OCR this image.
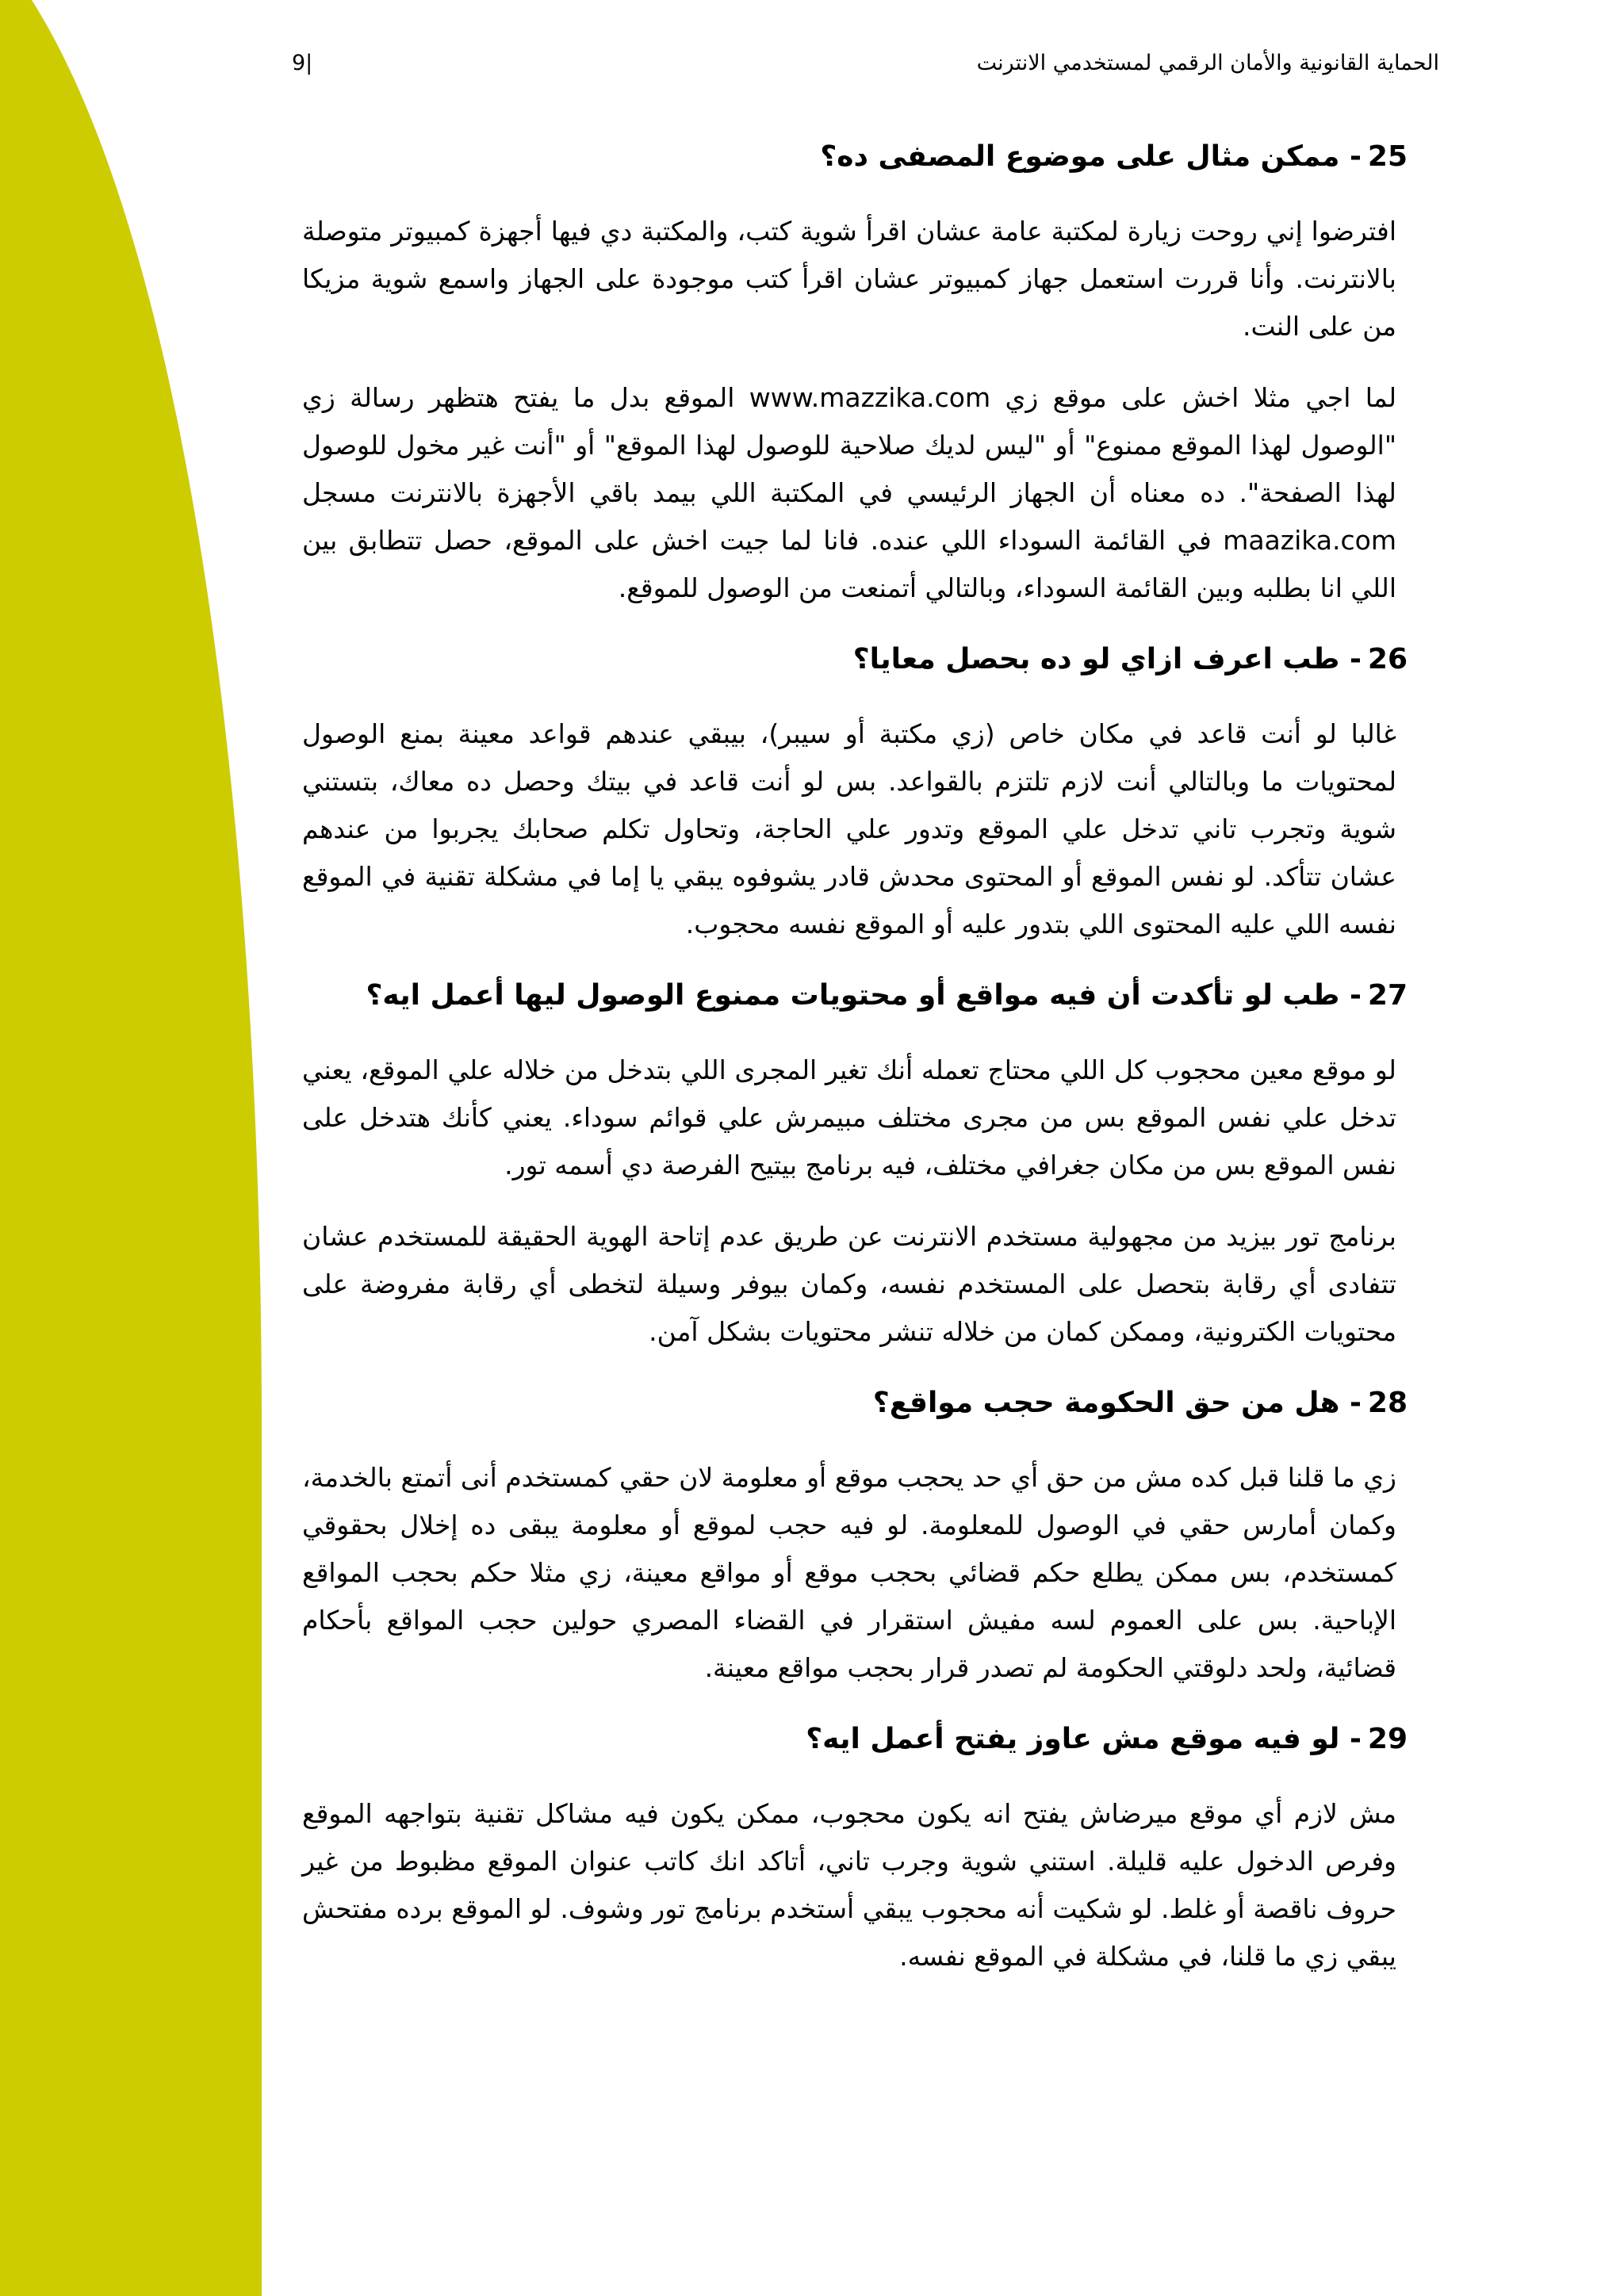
الحماية القانونية والأمان الرقمي لمستخدمي الانترنت
9|
25- ممكن مثال على موضوع المصفى ده؟

افترضوا إني روحت زيارة لمكتبة عامة عشان اقرأ شوية كتب، والمكتبة دي فيها أجهزة كمبيوتر متوصلة بالانترنت. وأنا قررت استعمل جهاز كمبيوتر عشان اقرأ كتب موجودة على الجهاز واسمع شوية مزيكا من على النت.

لما اجي مثلا اخش على موقع زي www.mazzika.com الموقع بدل ما يفتح هتظهر رسالة زي "الوصول لهذا الموقع ممنوع" أو "ليس لديك صلاحية للوصول لهذا الموقع" أو "أنت غير مخول للوصول لهذا الصفحة". ده معناه أن الجهاز الرئيسي في المكتبة اللي بيمد باقي الأجهزة بالانترنت مسجل maazika.com في القائمة السوداء اللي عنده. فانا لما جيت اخش على الموقع، حصل تتطابق بين اللي انا بطلبه وبين القائمة السوداء، وبالتالي أتمنعت من الوصول للموقع.

26- طب اعرف ازاي لو ده بحصل معايا؟

غالبا لو أنت قاعد في مكان خاص (زي مكتبة أو سيبر)، بيبقي عندهم قواعد معينة بمنع الوصول لمحتويات ما وبالتالي أنت لازم تلتزم بالقواعد. بس لو أنت قاعد في بيتك وحصل ده معاك، بتستني شوية وتجرب تاني تدخل علي الموقع وتدور علي الحاجة، وتحاول تكلم صحابك يجربوا من عندهم عشان تتأكد. لو نفس الموقع أو المحتوى محدش قادر يشوفوه يبقي يا إما في مشكلة تقنية في الموقع نفسه اللي عليه المحتوى اللي بتدور عليه أو الموقع نفسه محجوب.

27- طب لو تأكدت أن فيه مواقع أو محتويات ممنوع الوصول ليها أعمل ايه؟

لو موقع معين محجوب كل اللي محتاج تعمله أنك تغير المجرى اللي بتدخل من خلاله علي الموقع، يعني تدخل علي نفس الموقع بس من مجرى مختلف مبيمرش علي قوائم سوداء. يعني كأنك هتدخل على نفس الموقع بس من مكان جغرافي مختلف، فيه برنامج بيتيح الفرصة دي أسمه تور.

برنامج تور بيزيد من مجهولية مستخدم الانترنت عن طريق عدم إتاحة الهوية الحقيقة للمستخدم عشان تتفادى أي رقابة بتحصل على المستخدم نفسه، وكمان بيوفر وسيلة لتخطى أي رقابة مفروضة على محتويات الكترونية، وممكن كمان من خلاله تنشر محتويات بشكل آمن.

28- هل من حق الحكومة حجب مواقع؟

زي ما قلنا قبل كده مش من حق أي حد يحجب موقع أو معلومة لان حقي كمستخدم أنى أتمتع بالخدمة، وكمان أمارس حقي في الوصول للمعلومة. لو فيه حجب لموقع أو معلومة يبقى ده إخلال بحقوقي كمستخدم، بس ممكن يطلع حكم قضائي بحجب موقع أو مواقع معينة، زي مثلا حكم بحجب المواقع الإباحية. بس على العموم لسه مفيش استقرار في القضاء المصري حولين حجب المواقع بأحكام قضائية، ولحد دلوقتي الحكومة لم تصدر قرار بحجب مواقع معينة.

29- لو فيه موقع مش عاوز يفتح أعمل ايه؟

مش لازم أي موقع ميرضاش يفتح انه يكون محجوب، ممكن يكون فيه مشاكل تقنية بتواجهه الموقع وفرص الدخول عليه قليلة. استني شوية وجرب تاني، أتاكد انك كاتب عنوان الموقع مظبوط من غير حروف ناقصة أو غلط. لو شكيت أنه محجوب يبقي أستخدم برنامج تور وشوف. لو الموقع برده مفتحش يبقي زي ما قلنا، في مشكلة في الموقع نفسه.
